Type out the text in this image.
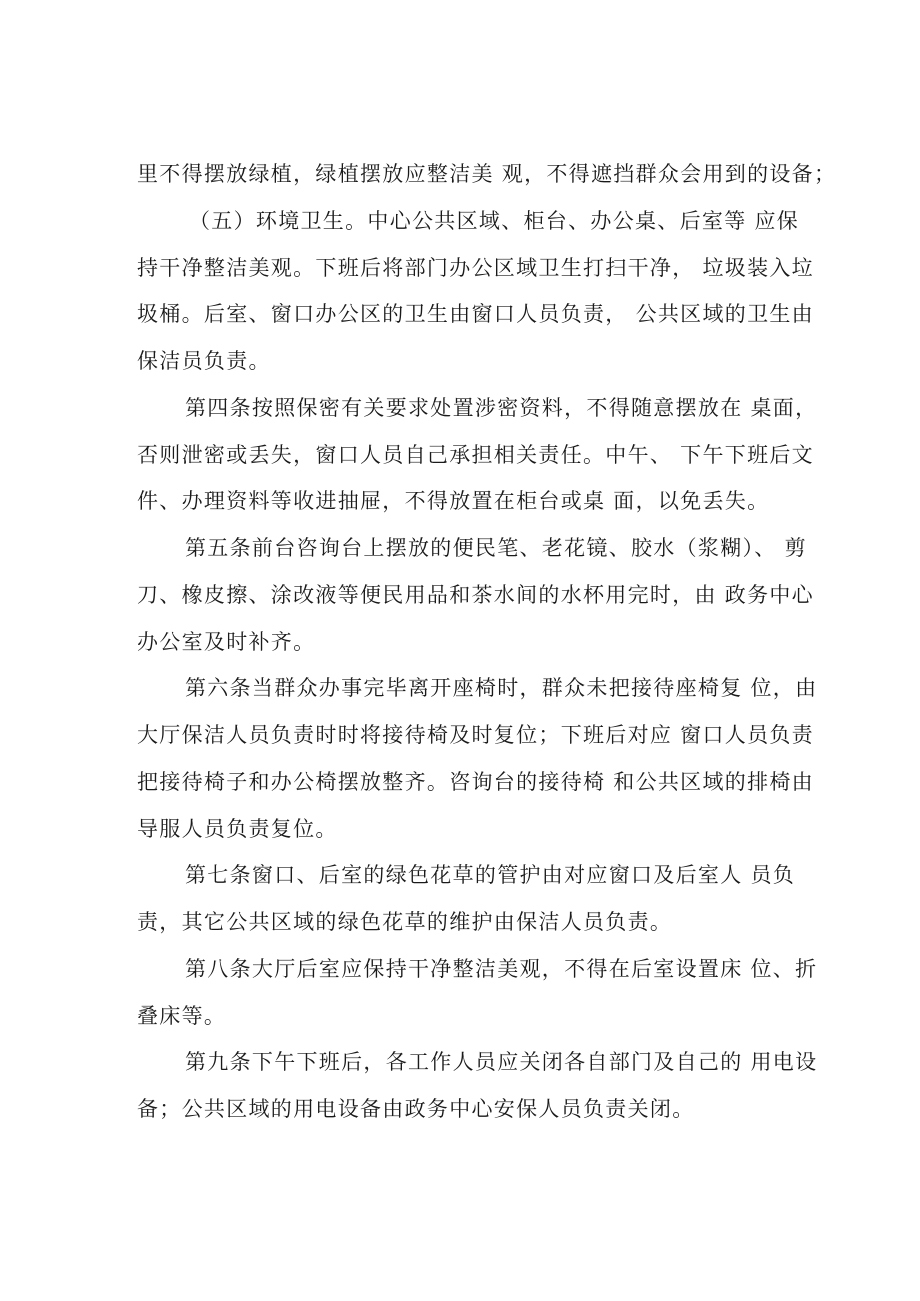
里不得摆放绿植，绿植摆放应整洁美 观，不得遮挡群众会用到的设备；
（五）环境卫生。中心公共区域、柜台、办公桌、后室等 应保
持干净整洁美观。下班后将部门办公区域卫生打扫干净， 垃圾装入垃
圾桶。后室、窗口办公区的卫生由窗口人员负责， 公共区域的卫生由
保洁员负责。
第四条按照保密有关要求处置涉密资料，不得随意摆放在 桌面，
否则泄密或丢失，窗口人员自己承担相关责任。中午、 下午下班后文
件、办理资料等收进抽屉，不得放置在柜台或桌 面，以免丢失。
第五条前台咨询台上摆放的便民笔、老花镜、胶水（浆糊）、 剪
刀、橡皮擦、涂改液等便民用品和茶水间的水杯用完时，由 政务中心
办公室及时补齐。
第六条当群众办事完毕离开座椅时，群众未把接待座椅复 位，由
大厅保洁人员负责时时将接待椅及时复位；下班后对应 窗口人员负责
把接待椅子和办公椅摆放整齐。咨询台的接待椅 和公共区域的排椅由
导服人员负责复位。
第七条窗口、后室的绿色花草的管护由对应窗口及后室人 员负
责，其它公共区域的绿色花草的维护由保洁人员负责。
第八条大厅后室应保持干净整洁美观，不得在后室设置床 位、折
叠床等。
第九条下午下班后，各工作人员应关闭各自部门及自己的 用电设
备；公共区域的用电设备由政务中心安保人员负责关闭。
